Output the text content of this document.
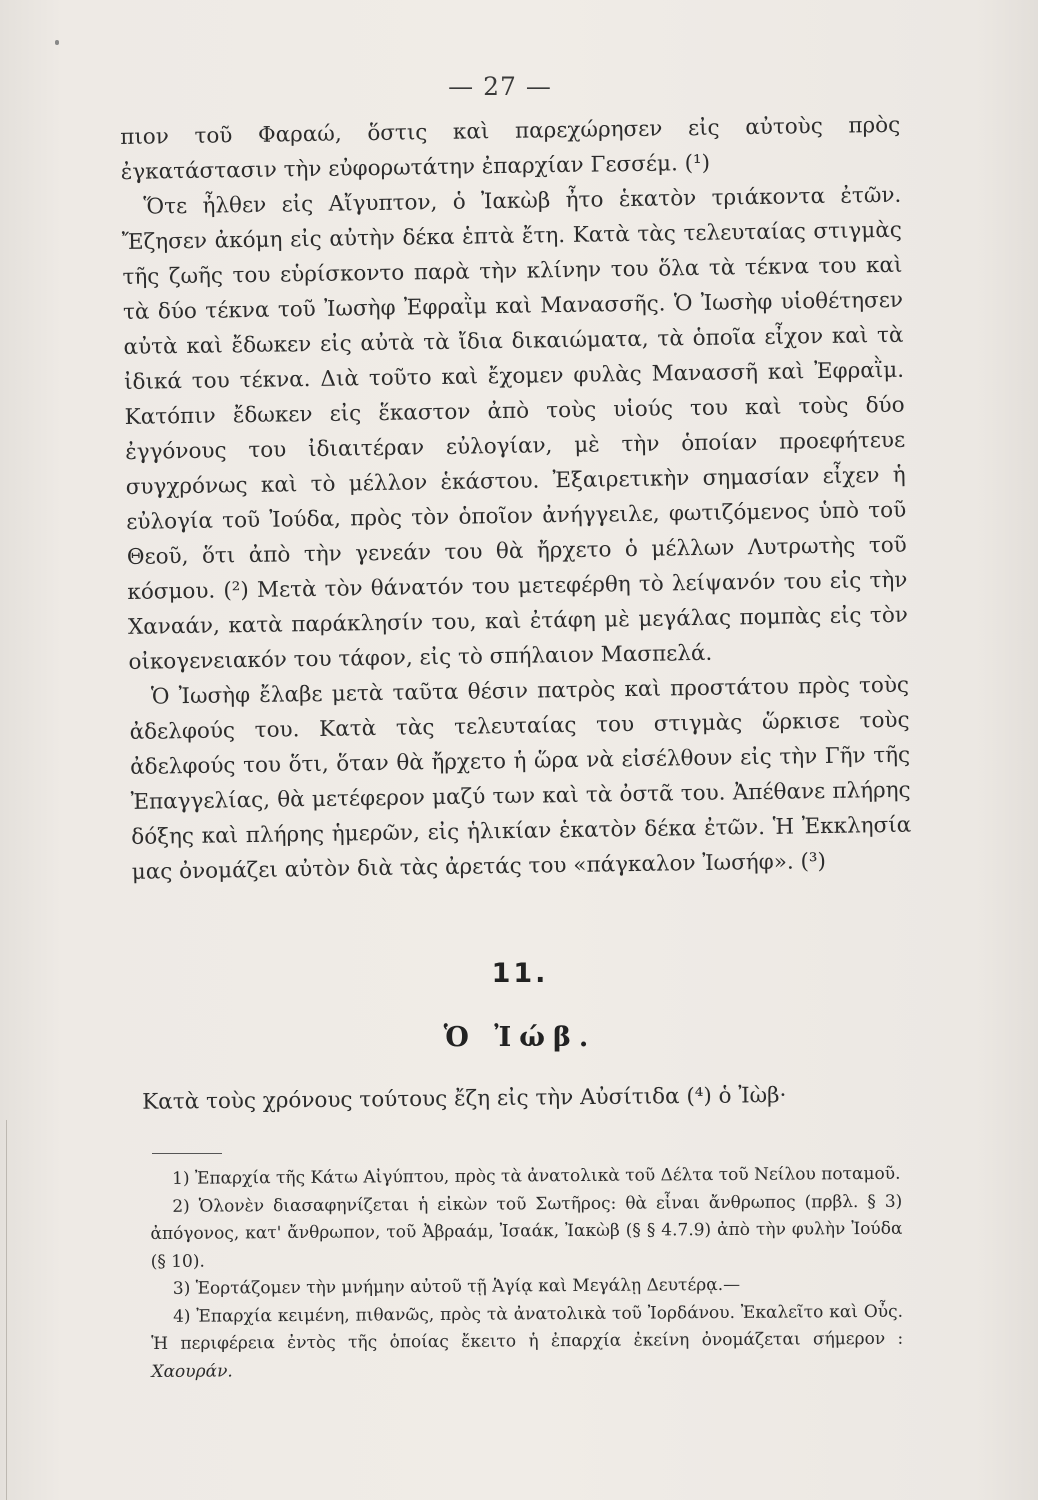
— 27 —

πιον τοῦ Φαραώ, ὅστις καὶ παρεχώρησεν εἰς αὐτοὺς πρὸς ἐγκατάστασιν τὴν εὐφορωτάτην ἐπαρχίαν Γεσσέμ. (¹)

Ὅτε ἦλθεν εἰς Αἴγυπτον, ὁ Ἰακὼβ ἦτο ἑκατὸν τριάκοντα ἐτῶν. Ἔζησεν ἀκόμη εἰς αὐτὴν δέκα ἑπτὰ ἔτη. Κατὰ τὰς τελευταίας στιγμὰς τῆς ζωῆς του εὑρίσκοντο παρὰ τὴν κλίνην του ὅλα τὰ τέκνα του καὶ τὰ δύο τέκνα τοῦ Ἰωσὴφ Ἐφραῒμ καὶ Μανασσῆς. Ὁ Ἰωσὴφ υἱοθέτησεν αὐτὰ καὶ ἔδωκεν εἰς αὐτὰ τὰ ἴδια δικαιώματα, τὰ ὁποῖα εἶχον καὶ τὰ ἰδικά του τέκνα. Διὰ τοῦτο καὶ ἔχομεν φυλὰς Μανασσῆ καὶ Ἐφραῒμ. Κατόπιν ἔδωκεν εἰς ἕκαστον ἀπὸ τοὺς υἱούς του καὶ τοὺς δύο ἐγγόνους του ἰδιαιτέραν εὐλογίαν, μὲ τὴν ὁποίαν προεφήτευε συγχρόνως καὶ τὸ μέλλον ἑκάστου. Ἐξαιρετικὴν σημασίαν εἶχεν ἡ εὐλογία τοῦ Ἰούδα, πρὸς τὸν ὁποῖον ἀνήγγειλε, φωτιζόμενος ὑπὸ τοῦ Θεοῦ, ὅτι ἀπὸ τὴν γενεάν του θὰ ἤρχετο ὁ μέλλων Λυτρωτὴς τοῦ κόσμου. (²) Μετὰ τὸν θάνατόν του μετεφέρθη τὸ λείψανόν του εἰς τὴν Χαναάν, κατὰ παράκλησίν του, καὶ ἐτάφη μὲ μεγάλας πομπὰς εἰς τὸν οἰκογενειακόν του τάφον, εἰς τὸ σπήλαιον Μασπελά.

Ὁ Ἰωσὴφ ἔλαβε μετὰ ταῦτα θέσιν πατρὸς καὶ προστάτου πρὸς τοὺς ἀδελφούς του. Κατὰ τὰς τελευταίας του στιγμὰς ὥρκισε τοὺς ἀδελφούς του ὅτι, ὅταν θὰ ἤρχετο ἡ ὥρα νὰ εἰσέλθουν εἰς τὴν Γῆν τῆς Ἐπαγγελίας, θὰ μετέφερον μαζύ των καὶ τὰ ὀστᾶ του. Ἀπέθανε πλήρης δόξης καὶ πλήρης ἡμερῶν, εἰς ἡλικίαν ἑκατὸν δέκα ἐτῶν. Ἡ Ἐκκλησία μας ὀνομάζει αὐτὸν διὰ τὰς ἀρετάς του «πάγκαλον Ἰωσήφ». (³)

11.
Ὁ Ἰώβ.
Κατὰ τοὺς χρόνους τούτους ἔζη εἰς τὴν Αὐσίτιδα (⁴) ὁ Ἰὼβ·
1) Ἐπαρχία τῆς Κάτω Αἰγύπτου, πρὸς τὰ ἀνατολικὰ τοῦ Δέλτα τοῦ Νείλου ποταμοῦ.
2) Ὁλονὲν διασαφηνίζεται ἡ εἰκὼν τοῦ Σωτῆρος: θὰ εἶναι ἄνθρωπος (πρβλ. § 3) ἀπόγονος, κατ' ἄνθρωπον, τοῦ Ἀβραάμ, Ἰσαάκ, Ἰακὼβ (§ § 4.7.9) ἀπὸ τὴν φυλὴν Ἰούδα (§ 10).
3) Ἑορτάζομεν τὴν μνήμην αὐτοῦ τῇ Ἁγίᾳ καὶ Μεγάλῃ Δευτέρᾳ.—
4) Ἐπαρχία κειμένη, πιθανῶς, πρὸς τὰ ἀνατολικὰ τοῦ Ἰορδάνου. Ἐκαλεῖτο καὶ Οὖς. Ἡ περιφέρεια ἐντὸς τῆς ὁποίας ἔκειτο ἡ ἐπαρχία ἐκείνη ὀνομάζεται σήμερον : Χαουράν.
